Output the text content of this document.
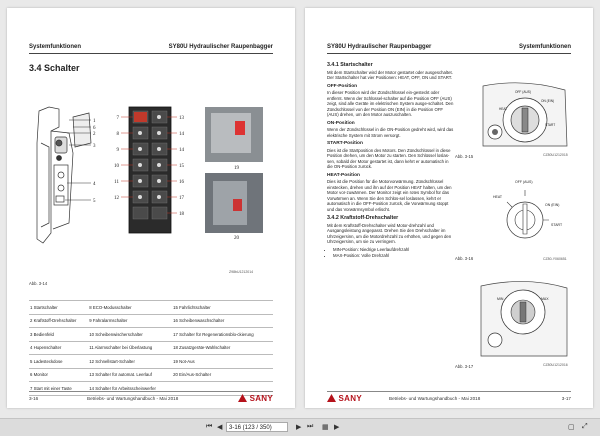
Systemfunktionen	SY80U Hydraulischer Raupenbagger
3.4 Schalter
1
2
3
4
5
6
7
8
9
10
11
12
13
14
14
15
16
17
18
19
20
Z98bU1212014
Abb. 3-14
1 Startschalter	8 ECO-Modusschalter	15 Fahrlichtschalter
2 Kraftstoff-Drehschalter	9 Fahralarmschalter	16 Scheibenwaschschalter
3 Bedienfeld	10 Scheibenwischerschalter	17 Schalter für Regenerationsblo-ckierung
4 Hupenschalter	11 Alarmschalter bei Überlastung	18 Zusatzgeräte-Wahlschalter
5 Ladesteckdose	12 Schnellstart-Schalter	19 Not-Aus
6 Monitor	13 Schalter für automat. Leerlauf	20 Ein/Aus-Schalter
7 Start mit einer Taste	14 Schalter für Arbeitsscheinwerfer	
3-16	Betriebs- und Wartungshandbuch - Mai 2018	SANY
SY80U Hydraulischer Raupenbagger	Systemfunktionen
3.4.1 Startschalter
Mit dem Startschalter wird der Motor gestartet oder ausgeschaltet. Der Startschalter hat vier Positionen: HEAT, OFF, ON und START.
OFF-Position
In dieser Position wird der Zündschlüssel ein-gesteckt oder entfernt. Wenn der Schlüssel-schalter auf die Position OFF (AUS) zeigt, sind alle Geräte im elektrischen System ausge-schaltet. Den Zündschlüssel von der Position ON (EIN) in die Position OFF (AUS) drehen, um den Motor auszuschalten.
ON-Position
Wenn der Zündschlüssel in die ON-Position gedreht wird, wird das elektrische System mit Strom versorgt.
START-Position
Dies ist die Startposition des Motors. Den Zündschlüssel in diese Position drehen, um den Motor zu starten. Den Schlüssel loslas-sen, sobald der Motor gestartet ist, dann kehrt er automatisch in die ON-Position zurück.
HEAT-Position
Dies ist die Position für die Motorvorwärmung. Zündschlüssel einstecken, drehen und ihn auf der Position HEAT halten, um den Motor vor-zuwärmen. Der Monitor zeigt ein rotes Symbol für das Vorwärmen an. Wenn Sie den Schlüs-sel loslassen, kehrt er automatisch in die OFF-Position zurück, die Vorwärmung stoppt und das Vorwärmsymbol erlischt.
3.4.2 Kraftstoff-Drehschalter
Mit dem Kraftstoff-Drehschalter wird Motor-drehzahl und Ausgangsleistung angepasst. Drehen Sie den Drehschalter im Uhrzeigersinn, um die Motordrehzahl zu erhöhen, und gegen den Uhrzeigersinn, um sie zu verringern.
• MIN-Position: Niedrige Leerlaufdrehzahl
• MAX-Position: Volle Drehzahl
OFF (AUS)
HEAT
ON (EIN)
START
Abb. 3-15	CZ80U1212015
OFF (AUS)
HEAT
ON (EIN)
START
Abb. 3-16	CZ80-Y060651
MIN	MAX
Abb. 3-17	CZ80U1212016
SANY	Betriebs- und Wartungshandbuch - Mai 2018	3-17
⏮ ◀	3-16 (123 / 350)	▶ ⏭ ▦ ▶	▢ ⤢
